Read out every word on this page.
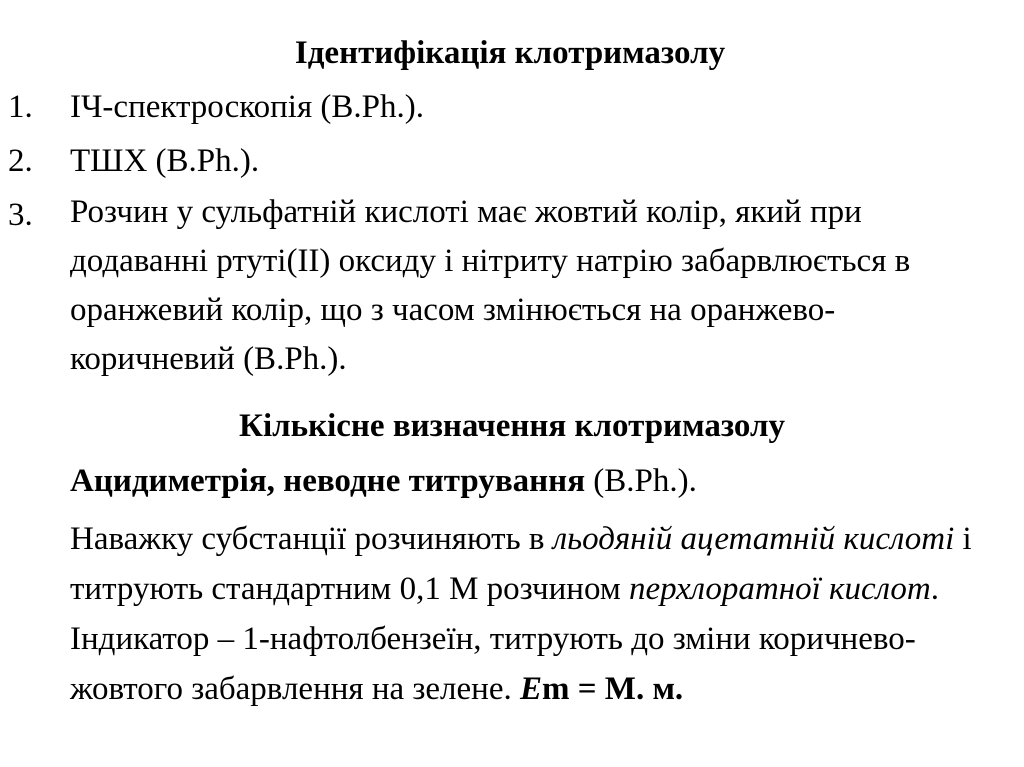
Ідентифікація клотримазолу
1. ІЧ-спектроскопія (B.Ph.).
2. ТШХ (B.Ph.).
3. Розчин у сульфатній кислоті має жовтий колір, який при додаванні ртуті(ІІ) оксиду і нітриту натрію забарвлюється в оранжевий колір, що з часом змінюється на оранжево-коричневий (B.Ph.).
Кількісне визначення клотримазолу
Ацидиметрія, неводне титрування (B.Ph.).
Наважку субстанції розчиняють в льодяній ацетатній кислоті і титрують стандартним 0,1 М розчином перхлоратної кислот. Індикатор – 1-нафтолбензеїн, титрують до зміни коричнево-жовтого забарвлення на зелене. Em = М. м.
